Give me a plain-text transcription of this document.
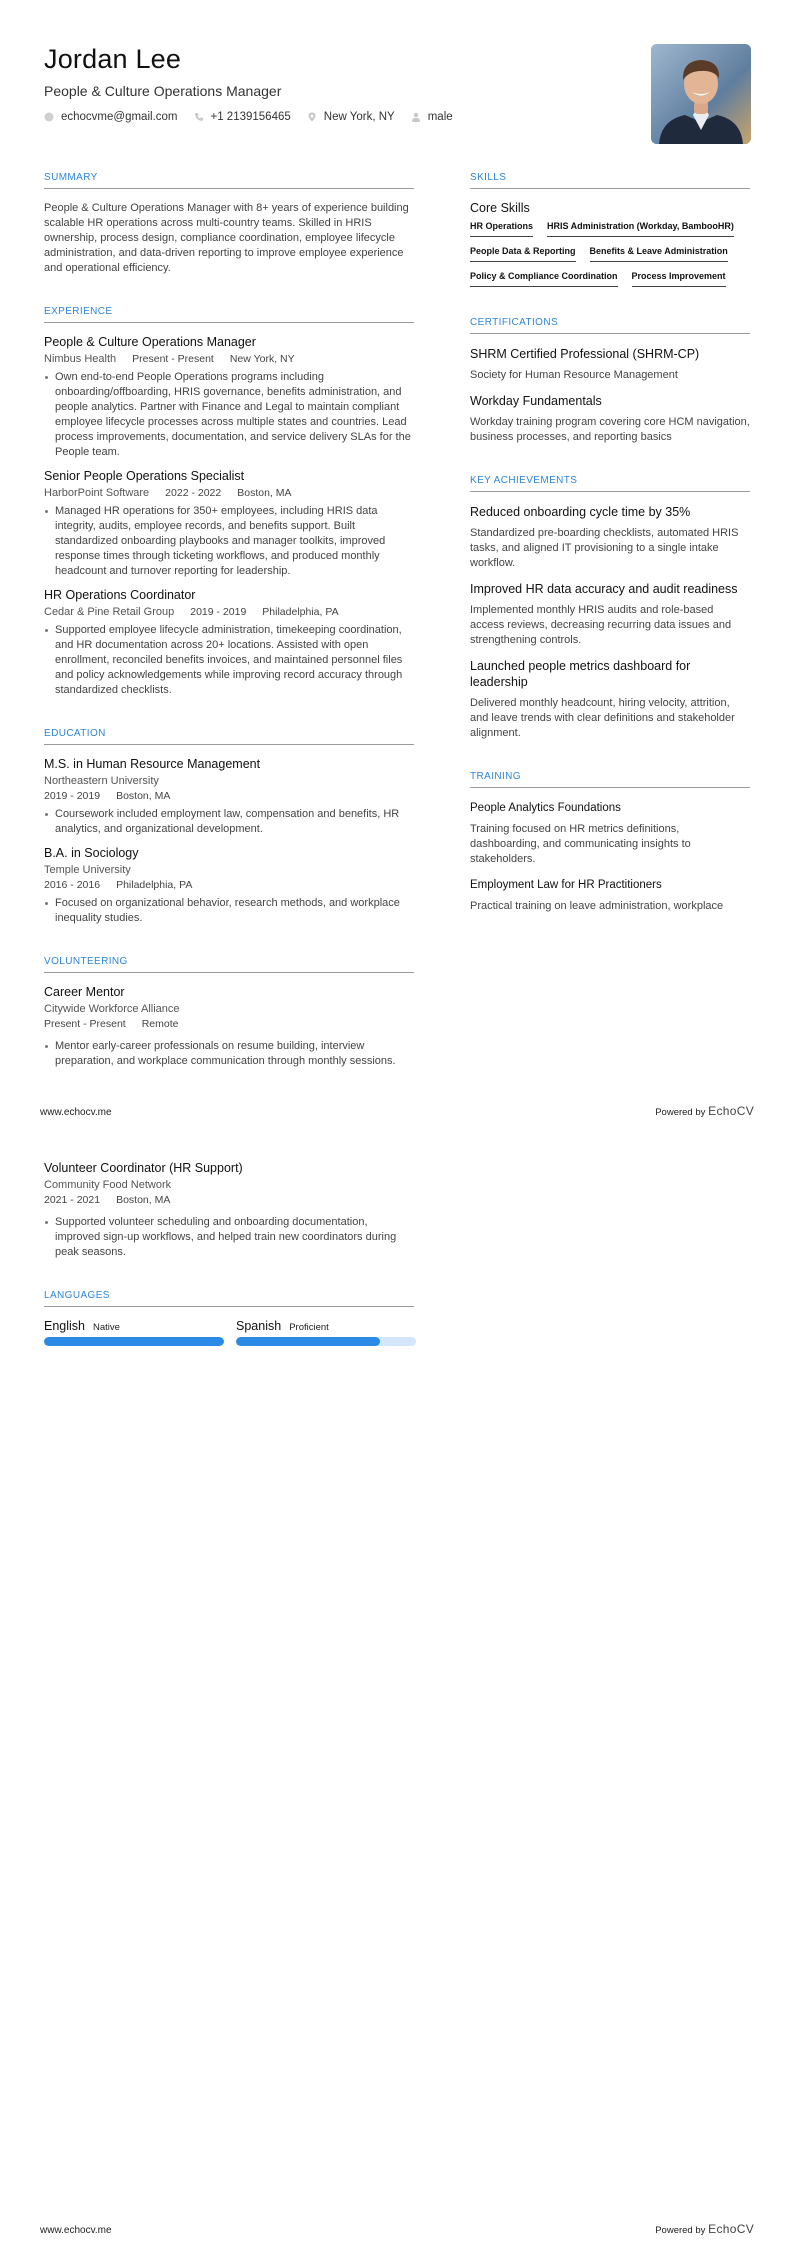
Jordan Lee
People & Culture Operations Manager
echocvme@gmail.com	+1 2139156465	New York, NY	male
SUMMARY
People & Culture Operations Manager with 8+ years of experience building scalable HR operations across multi-country teams. Skilled in HRIS ownership, process design, compliance coordination, employee lifecycle administration, and data-driven reporting to improve employee experience and operational efficiency.
EXPERIENCE
People & Culture Operations Manager
Nimbus Health Present - Present New York, NY
Own end-to-end People Operations programs including onboarding/offboarding, HRIS governance, benefits administration, and people analytics. Partner with Finance and Legal to maintain compliant employee lifecycle processes across multiple states and countries. Lead process improvements, documentation, and service delivery SLAs for the People team.
Senior People Operations Specialist
HarborPoint Software 2022 - 2022 Boston, MA
Managed HR operations for 350+ employees, including HRIS data integrity, audits, employee records, and benefits support. Built standardized onboarding playbooks and manager toolkits, improved response times through ticketing workflows, and produced monthly headcount and turnover reporting for leadership.
HR Operations Coordinator
Cedar & Pine Retail Group 2019 - 2019 Philadelphia, PA
Supported employee lifecycle administration, timekeeping coordination, and HR documentation across 20+ locations. Assisted with open enrollment, reconciled benefits invoices, and maintained personnel files and policy acknowledgements while improving record accuracy through standardized checklists.
EDUCATION
M.S. in Human Resource Management
Northeastern University
2019 - 2019 Boston, MA
Coursework included employment law, compensation and benefits, HR analytics, and organizational development.
B.A. in Sociology
Temple University
2016 - 2016 Philadelphia, PA
Focused on organizational behavior, research methods, and workplace inequality studies.
VOLUNTEERING
Career Mentor
Citywide Workforce Alliance
Present - Present Remote
Mentor early-career professionals on resume building, interview preparation, and workplace communication through monthly sessions.
SKILLS
Core Skills
HR Operations HRIS Administration (Workday, BambooHR)
People Data & Reporting Benefits & Leave Administration
Policy & Compliance Coordination Process Improvement
CERTIFICATIONS
SHRM Certified Professional (SHRM-CP)
Society for Human Resource Management
Workday Fundamentals
Workday training program covering core HCM navigation, business processes, and reporting basics
KEY ACHIEVEMENTS
Reduced onboarding cycle time by 35%
Standardized pre-boarding checklists, automated HRIS tasks, and aligned IT provisioning to a single intake workflow.
Improved HR data accuracy and audit readiness
Implemented monthly HRIS audits and role-based access reviews, decreasing recurring data issues and strengthening controls.
Launched people metrics dashboard for leadership
Delivered monthly headcount, hiring velocity, attrition, and leave trends with clear definitions and stakeholder alignment.
TRAINING
People Analytics Foundations
Training focused on HR metrics definitions, dashboarding, and communicating insights to stakeholders.
Employment Law for HR Practitioners
Practical training on leave administration, workplace
www.echocv.me	Powered by EchoCV
Volunteer Coordinator (HR Support)
Community Food Network
2021 - 2021 Boston, MA
Supported volunteer scheduling and onboarding documentation, improved sign-up workflows, and helped train new coordinators during peak seasons.
LANGUAGES
English Native	Spanish Proficient
www.echocv.me	Powered by EchoCV
